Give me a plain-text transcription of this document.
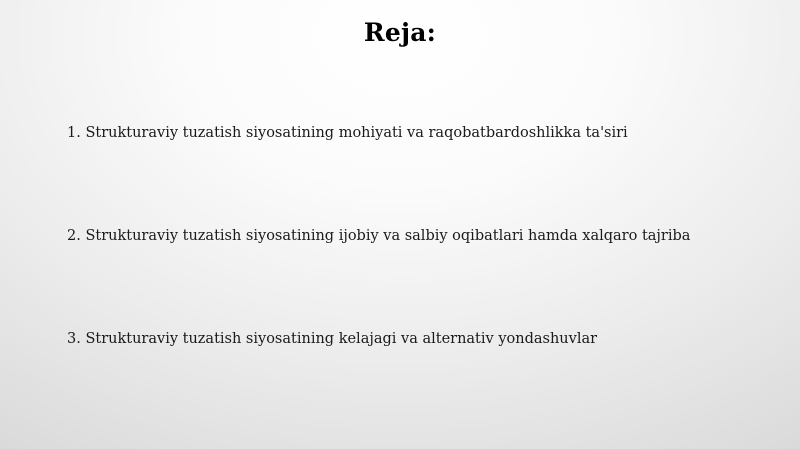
Reja:
1. Strukturaviy tuzatish siyosatining mohiyati va raqobatbardoshlikka ta'siri
2. Strukturaviy tuzatish siyosatining ijobiy va salbiy oqibatlari hamda xalqaro tajriba
3. Strukturaviy tuzatish siyosatining kelajagi va alternativ yondashuvlar
